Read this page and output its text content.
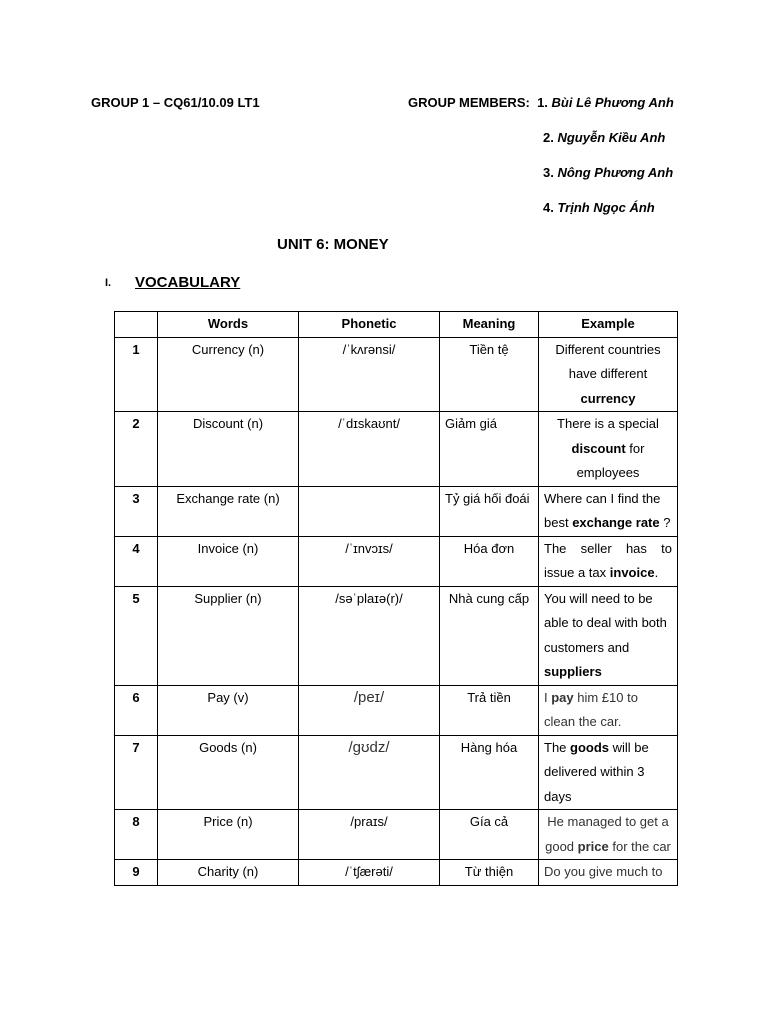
GROUP 1 – CQ61/10.09 LT1	GROUP MEMBERS: 1. Bùi Lê Phương Anh
2. Nguyễn Kiều Anh
3. Nông Phương Anh
4. Trịnh Ngọc Ánh
UNIT 6: MONEY
I. VOCABULARY
	Words	Phonetic	Meaning	Example
1	Currency (n)	/ˈkʌrənsi/	Tiền tệ	Different countries have different currency
2	Discount (n)	/ˈdɪskaʊnt/	Giảm giá	There is a special discount for employees
3	Exchange rate (n)		Tỷ giá hối đoái	Where can I find the best exchange rate ?
4	Invoice (n)	/ˈɪnvɔɪs/	Hóa đơn	The seller has to issue a tax invoice.
5	Supplier (n)	/səˈplaɪə(r)/	Nhà cung cấp	You will need to be able to deal with both customers and suppliers
6	Pay (v)	/peɪ/	Trả tiền	I pay him £10 to clean the car.
7	Goods (n)	/ɡʊdz/	Hàng hóa	The goods will be delivered within 3 days
8	Price (n)	/praɪs/	Gía cả	He managed to get a good price for the car
9	Charity (n)	/ˈtʃærəti/	Từ thiện	Do you give much to
